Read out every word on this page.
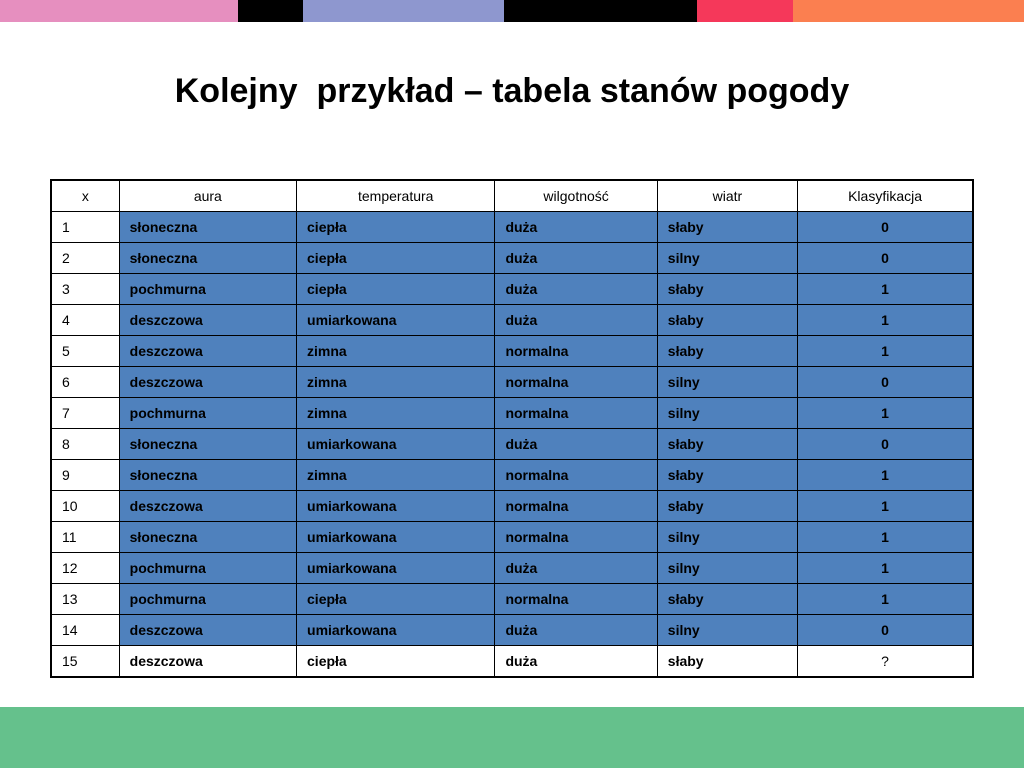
Kolejny  przykład – tabela stanów pogody
x	aura	temperatura	wilgotność	wiatr	Klasyfikacja
1	słoneczna	ciepła	duża	słaby	0
2	słoneczna	ciepła	duża	silny	0
3	pochmurna	ciepła	duża	słaby	1
4	deszczowa	umiarkowana	duża	słaby	1
5	deszczowa	zimna	normalna	słaby	1
6	deszczowa	zimna	normalna	silny	0
7	pochmurna	zimna	normalna	silny	1
8	słoneczna	umiarkowana	duża	słaby	0
9	słoneczna	zimna	normalna	słaby	1
10	deszczowa	umiarkowana	normalna	słaby	1
11	słoneczna	umiarkowana	normalna	silny	1
12	pochmurna	umiarkowana	duża	silny	1
13	pochmurna	ciepła	normalna	słaby	1
14	deszczowa	umiarkowana	duża	silny	0
15	deszczowa	ciepła	duża	słaby	?
